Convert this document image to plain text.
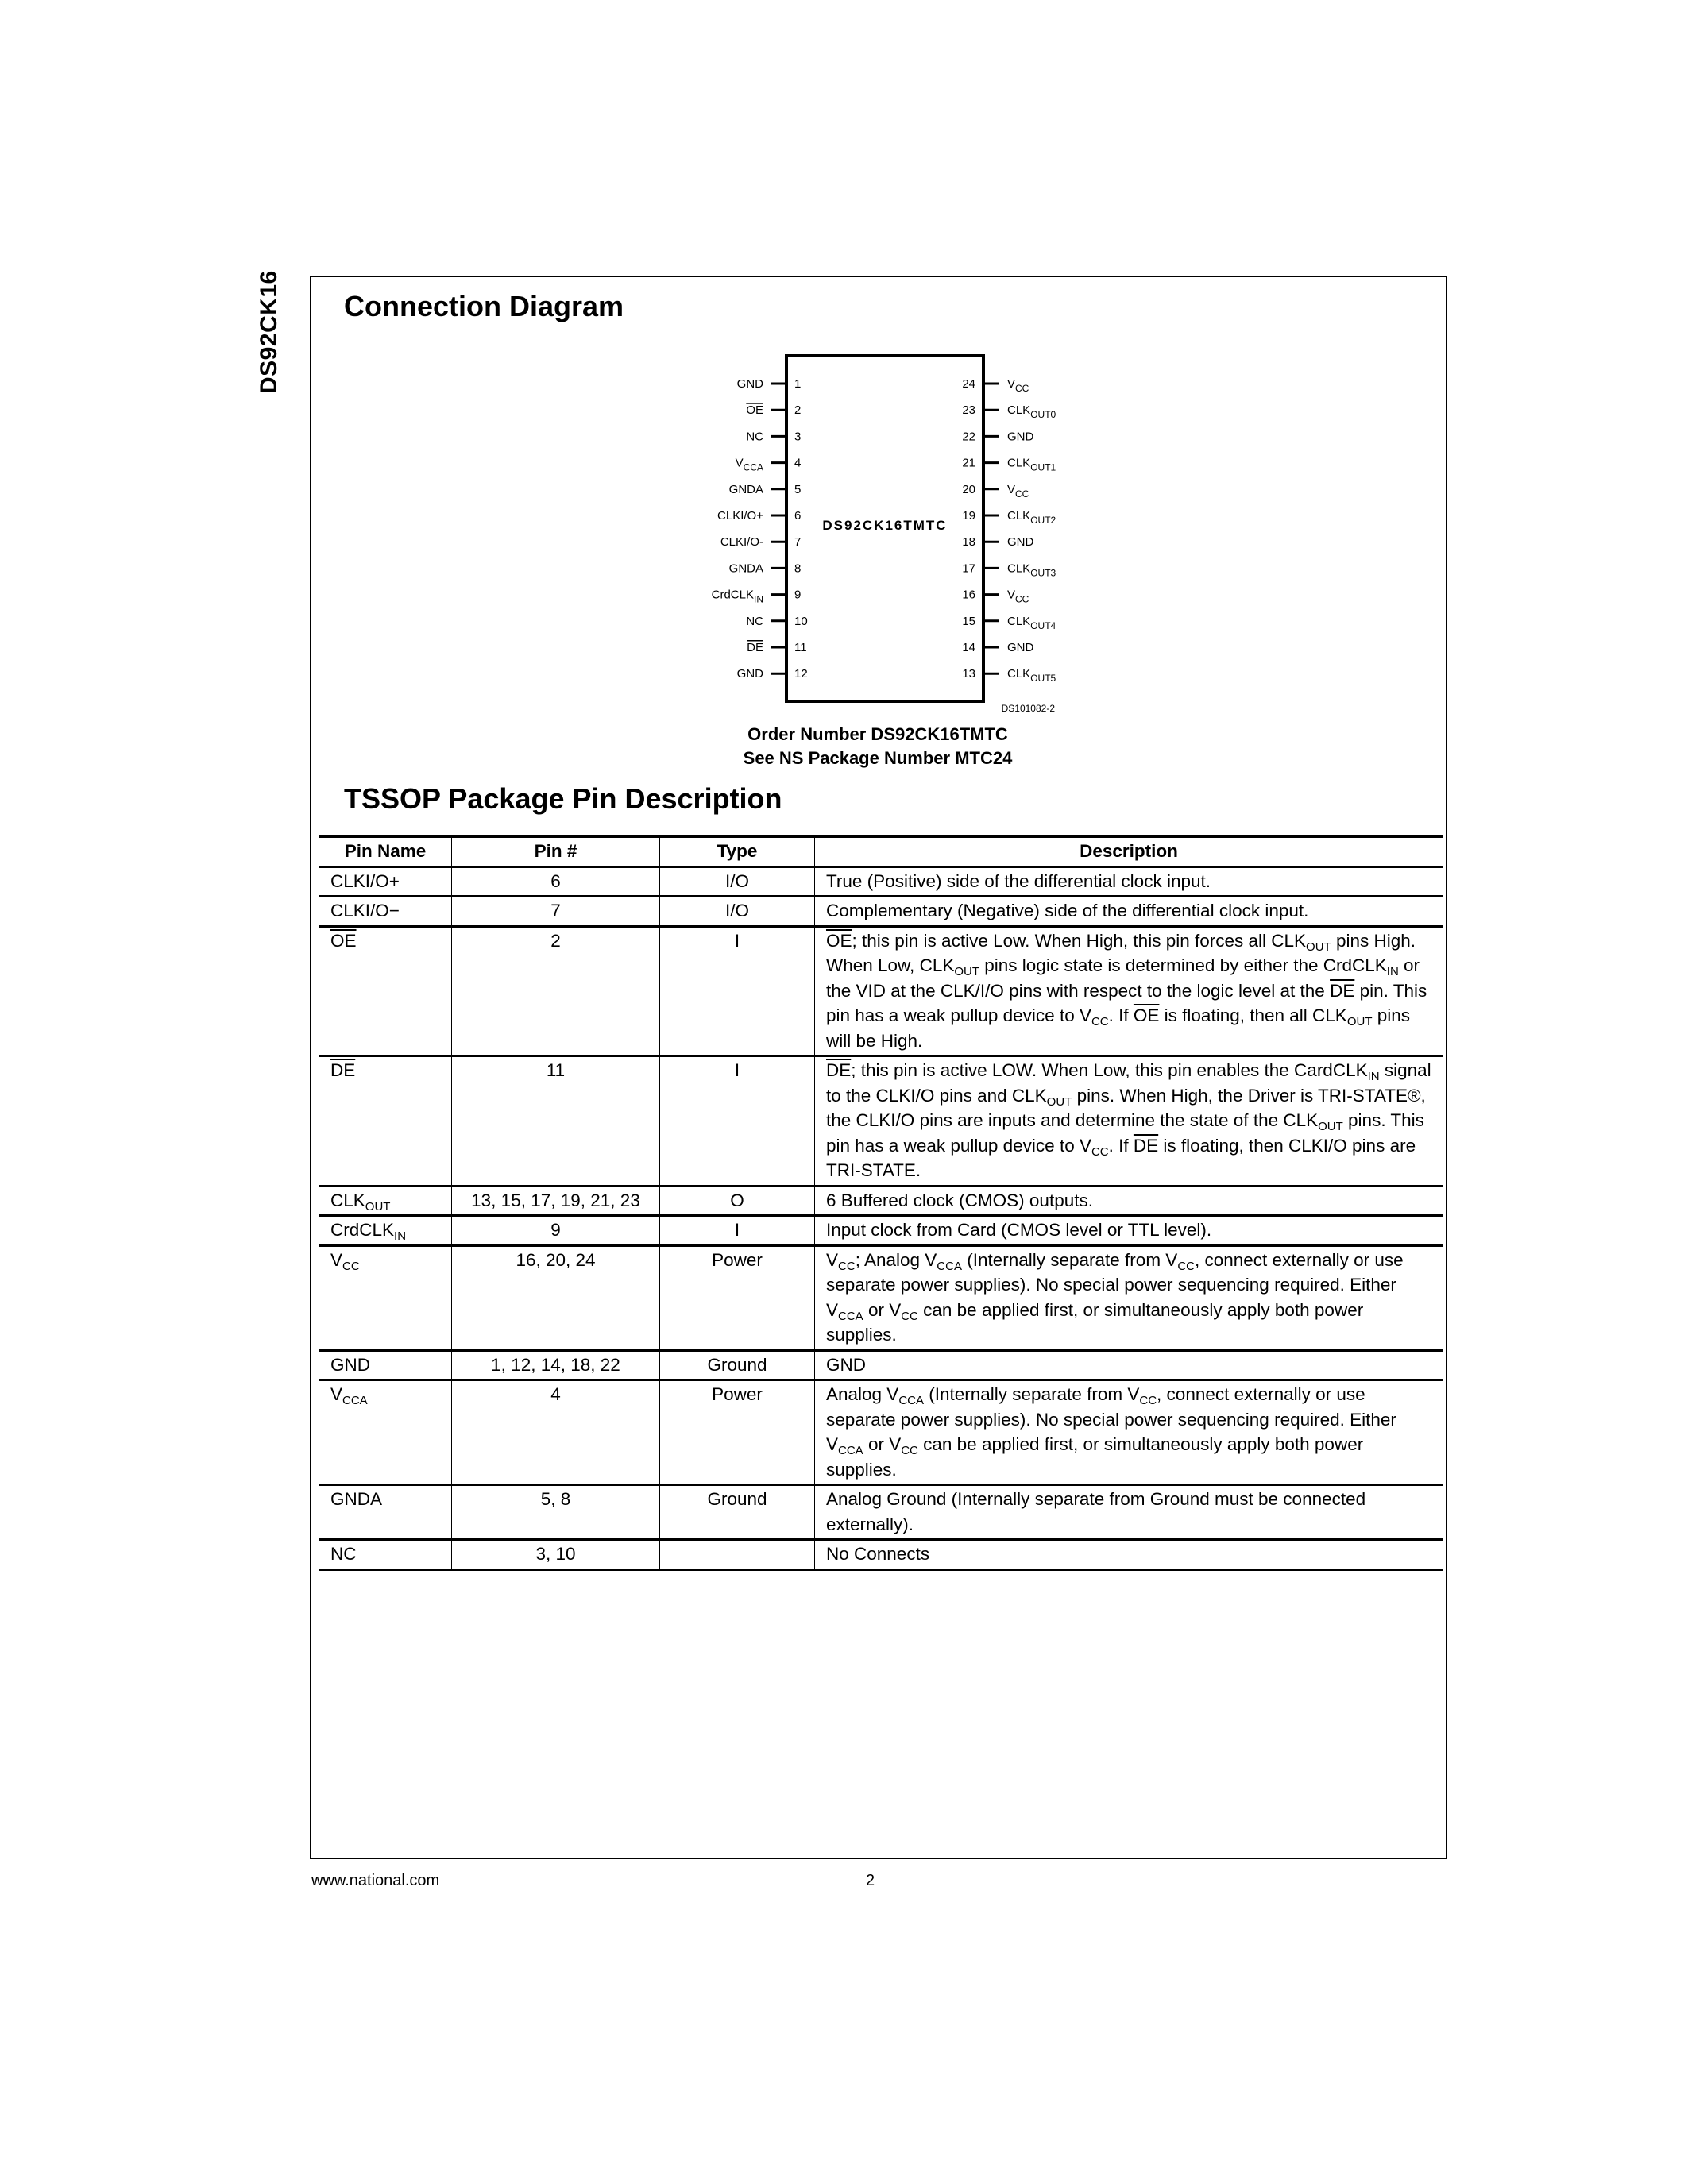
DS92CK16 Connection Diagram
DS92CK16TMTC
1
GND
2
OE
3
NC
4
$V_{CCA}$
5
GNDA
6
CLKI/O+
7
CLKI/O-
8
GNDA
9
CrdCLK$_{IN}$
10
NC
11
DE
12
GND
24	$V_{CC}$
23	$CLK_{OUT0}$
22	GND
21	$CLK_{OUT1}$
20	$V_{CC}$
19	$CLK_{OUT2}$
18	GND
17	$CLK_{OUT3}$
16	$V_{CC}$
15	$CLK_{OUT4}$
14	GND
13	$CLK_{OUT5}$
DS101082-2
Order Number DS92CK16TMTC
See NS Package Number MTC24
TSSOP Package Pin Description
Pin Name	Pin #	Type	Description
CLKI/O+	6	I/O	True (Positive) side of the differential clock input.
CLKI/O−	7	I/O	Complementary (Negative) side of the differential clock input.
$\overline{OE}$	2	I	$\overline{OE}$; this pin is active Low. When High, this pin forces all $CLK_{OUT}$ pins High. When Low, $CLK_{OUT}$ pins logic state is determined by either the CrdCLK$_{IN}$ or the VID at the CLK/I/O pins with respect to the logic level at the $\overline{DE}$ pin. This pin has a weak pullup device to $V_{CC}$. If $\overline{OE}$ is floating, then all $CLK_{OUT}$ pins will be High.
$\overline{DE}$	11	I	$\overline{DE}$; this pin is active LOW. When Low, this pin enables the CardCLK$_{IN}$ signal to the CLKI/O pins and $CLK_{OUT}$ pins. When High, the Driver is TRI-STATE®, the CLKI/O pins are inputs and determine the state of the $CLK_{OUT}$ pins. This pin has a weak pullup device to $V_{CC}$. If $\overline{DE}$ is floating, then CLKI/O pins are TRI-STATE.
$CLK_{OUT}$	13, 15, 17, 19, 21, 23	O	6 Buffered clock (CMOS) outputs.
CrdCLK$_{IN}$	9	I	Input clock from Card (CMOS level or TTL level).
$V_{CC}$	16, 20, 24	Power	$V_{CC}$; Analog $V_{CCA}$ (Internally separate from $V_{CC}$, connect externally or use separate power supplies). No special power sequencing required. Either $V_{CCA}$ or $V_{CC}$ can be applied first, or simultaneously apply both power supplies.
GND	1, 12, 14, 18, 22	Ground	GND
$V_{CCA}$	4	Power	Analog $V_{CCA}$ (Internally separate from $V_{CC}$, connect externally or use separate power supplies). No special power sequencing required. Either $V_{CCA}$ or $V_{CC}$ can be applied first, or simultaneously apply both power supplies.
GNDA	5, 8	Ground	Analog Ground (Internally separate from Ground must be connected externally).
NC	3, 10		No Connects
www.national.com	2
